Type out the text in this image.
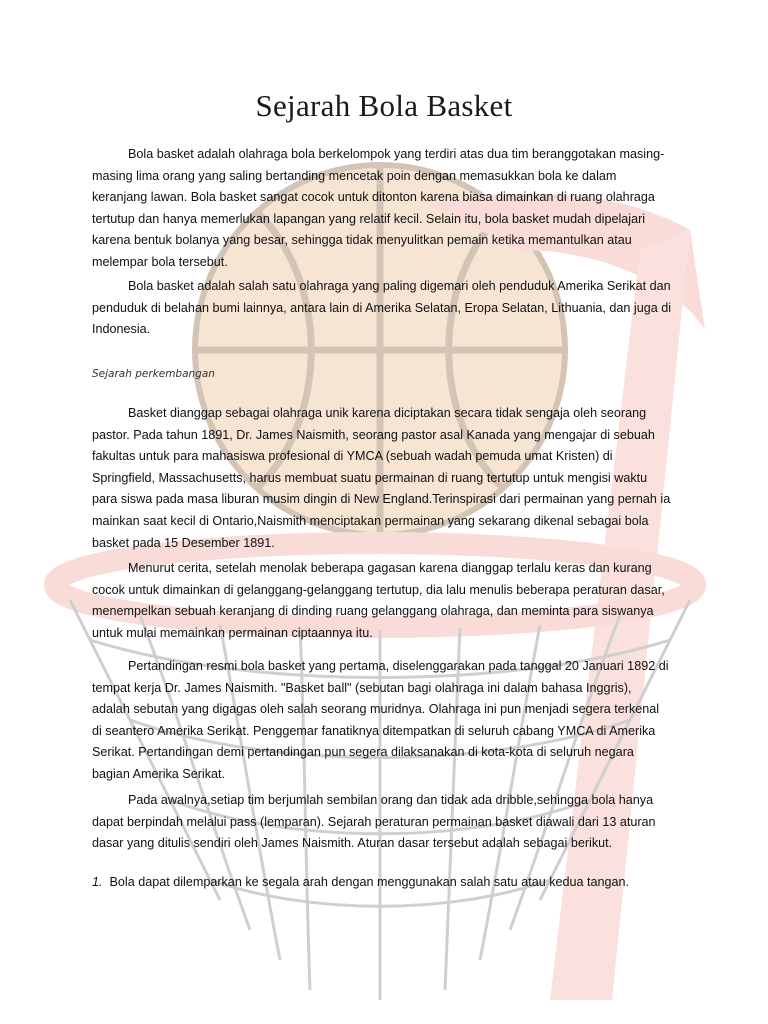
Sejarah Bola Basket

Bola basket adalah olahraga bola berkelompok yang terdiri atas dua tim beranggotakan masing-masing lima orang yang saling bertanding mencetak poin dengan memasukkan bola ke dalam keranjang lawan. Bola basket sangat cocok untuk ditonton karena biasa dimainkan di ruang olahraga tertutup dan hanya memerlukan lapangan yang relatif kecil. Selain itu, bola basket mudah dipelajari karena bentuk bolanya yang besar, sehingga tidak menyulitkan pemain ketika memantulkan atau melempar bola tersebut.

Bola basket adalah salah satu olahraga yang paling digemari oleh penduduk Amerika Serikat dan penduduk di belahan bumi lainnya, antara lain di Amerika Selatan, Eropa Selatan, Lithuania, dan juga di Indonesia.

Sejarah perkembangan

Basket dianggap sebagai olahraga unik karena diciptakan secara tidak sengaja oleh seorang pastor. Pada tahun 1891, Dr. James Naismith, seorang pastor asal Kanada yang mengajar di sebuah fakultas untuk para mahasiswa profesional di YMCA (sebuah wadah pemuda umat Kristen) di Springfield, Massachusetts, harus membuat suatu permainan di ruang tertutup untuk mengisi waktu para siswa pada masa liburan musim dingin di New England.Terinspirasi dari permainan yang pernah ia mainkan saat kecil di Ontario,Naismith menciptakan permainan yang sekarang dikenal sebagai bola basket pada 15 Desember 1891.

Menurut cerita, setelah menolak beberapa gagasan karena dianggap terlalu keras dan kurang cocok untuk dimainkan di gelanggang-gelanggang tertutup, dia lalu menulis beberapa peraturan dasar, menempelkan sebuah keranjang di dinding ruang gelanggang olahraga, dan meminta para siswanya untuk mulai memainkan permainan ciptaannya itu.

Pertandingan resmi bola basket yang pertama, diselenggarakan pada tanggal 20 Januari 1892 di tempat kerja Dr. James Naismith. "Basket ball" (sebutan bagi olahraga ini dalam bahasa Inggris), adalah sebutan yang digagas oleh salah seorang muridnya. Olahraga ini pun menjadi segera terkenal di seantero Amerika Serikat. Penggemar fanatiknya ditempatkan di seluruh cabang YMCA di Amerika Serikat. Pertandingan demi pertandingan pun segera dilaksanakan di kota-kota di seluruh negara bagian Amerika Serikat.

Pada awalnya,setiap tim berjumlah sembilan orang dan tidak ada dribble,sehingga bola hanya dapat berpindah melalui pass (lemparan). Sejarah peraturan permainan basket diawali dari 13 aturan dasar yang ditulis sendiri oleh James Naismith. Aturan dasar tersebut adalah sebagai berikut.

1. Bola dapat dilemparkan ke segala arah dengan menggunakan salah satu atau kedua tangan.
